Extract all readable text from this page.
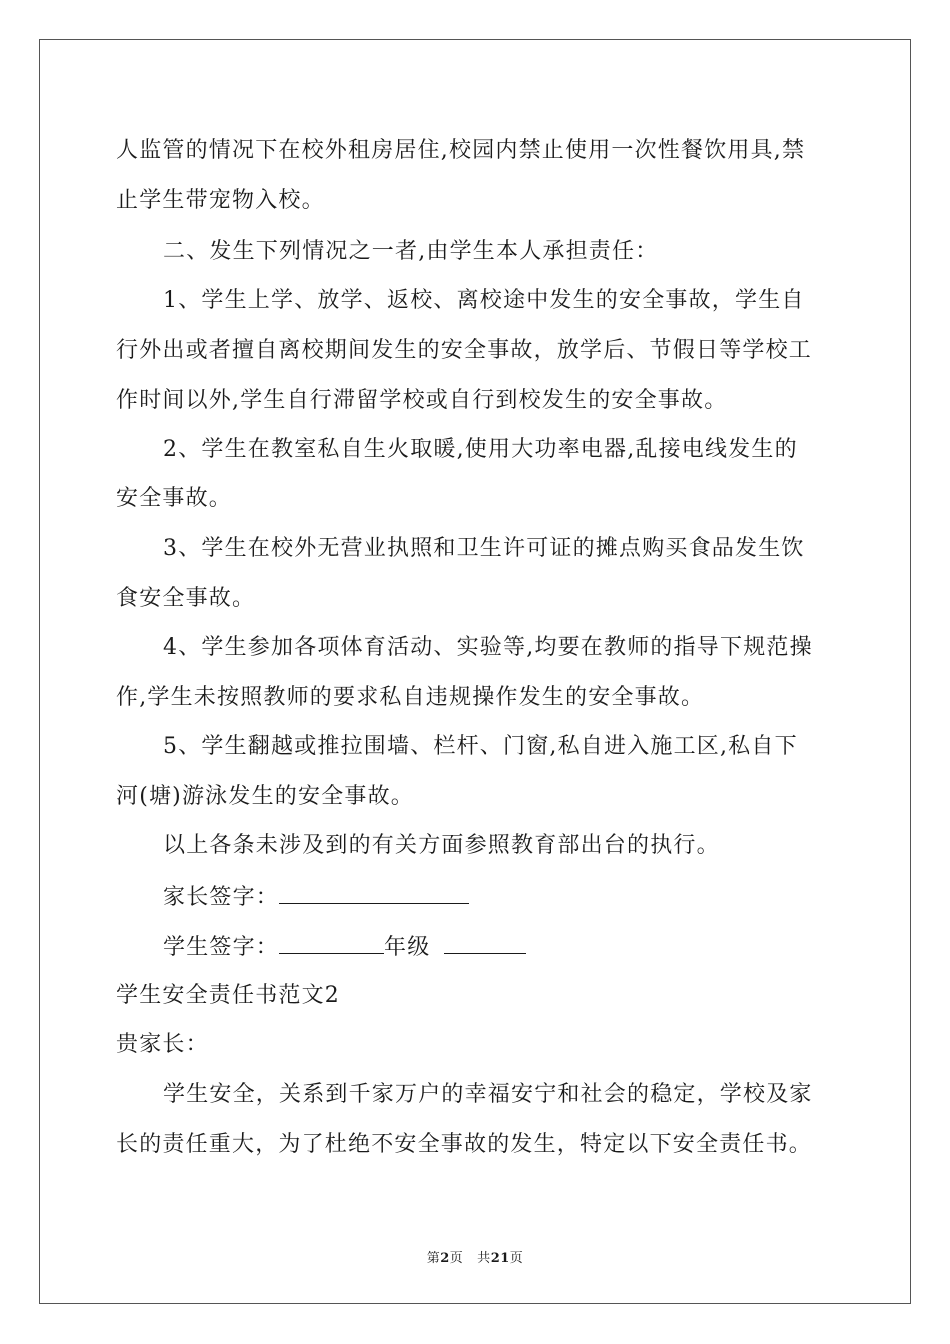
人监管的情况下在校外租房居住,校园内禁止使用一次性餐饮用具,禁
止学生带宠物入校。
二、发生下列情况之一者,由学生本人承担责任：
1、学生上学、放学、返校、离校途中发生的安全事故，学生自
行外出或者擅自离校期间发生的安全事故，放学后、节假日等学校工
作时间以外,学生自行滞留学校或自行到校发生的安全事故。
2、学生在教室私自生火取暖,使用大功率电器,乱接电线发生的
安全事故。
3、学生在校外无营业执照和卫生许可证的摊点购买食品发生饮
食安全事故。
4、学生参加各项体育活动、实验等,均要在教师的指导下规范操
作,学生未按照教师的要求私自违规操作发生的安全事故。
5、学生翻越或推拉围墙、栏杆、门窗,私自进入施工区,私自下
河(塘)游泳发生的安全事故。
以上各条未涉及到的有关方面参照教育部出台的执行。
家长签字：
学生签字：	年级
学生安全责任书范文2
贵家长：
学生安全，关系到千家万户的幸福安宁和社会的稳定，学校及家
长的责任重大，为了杜绝不安全事故的发生，特定以下安全责任书。
第2页 共21页
